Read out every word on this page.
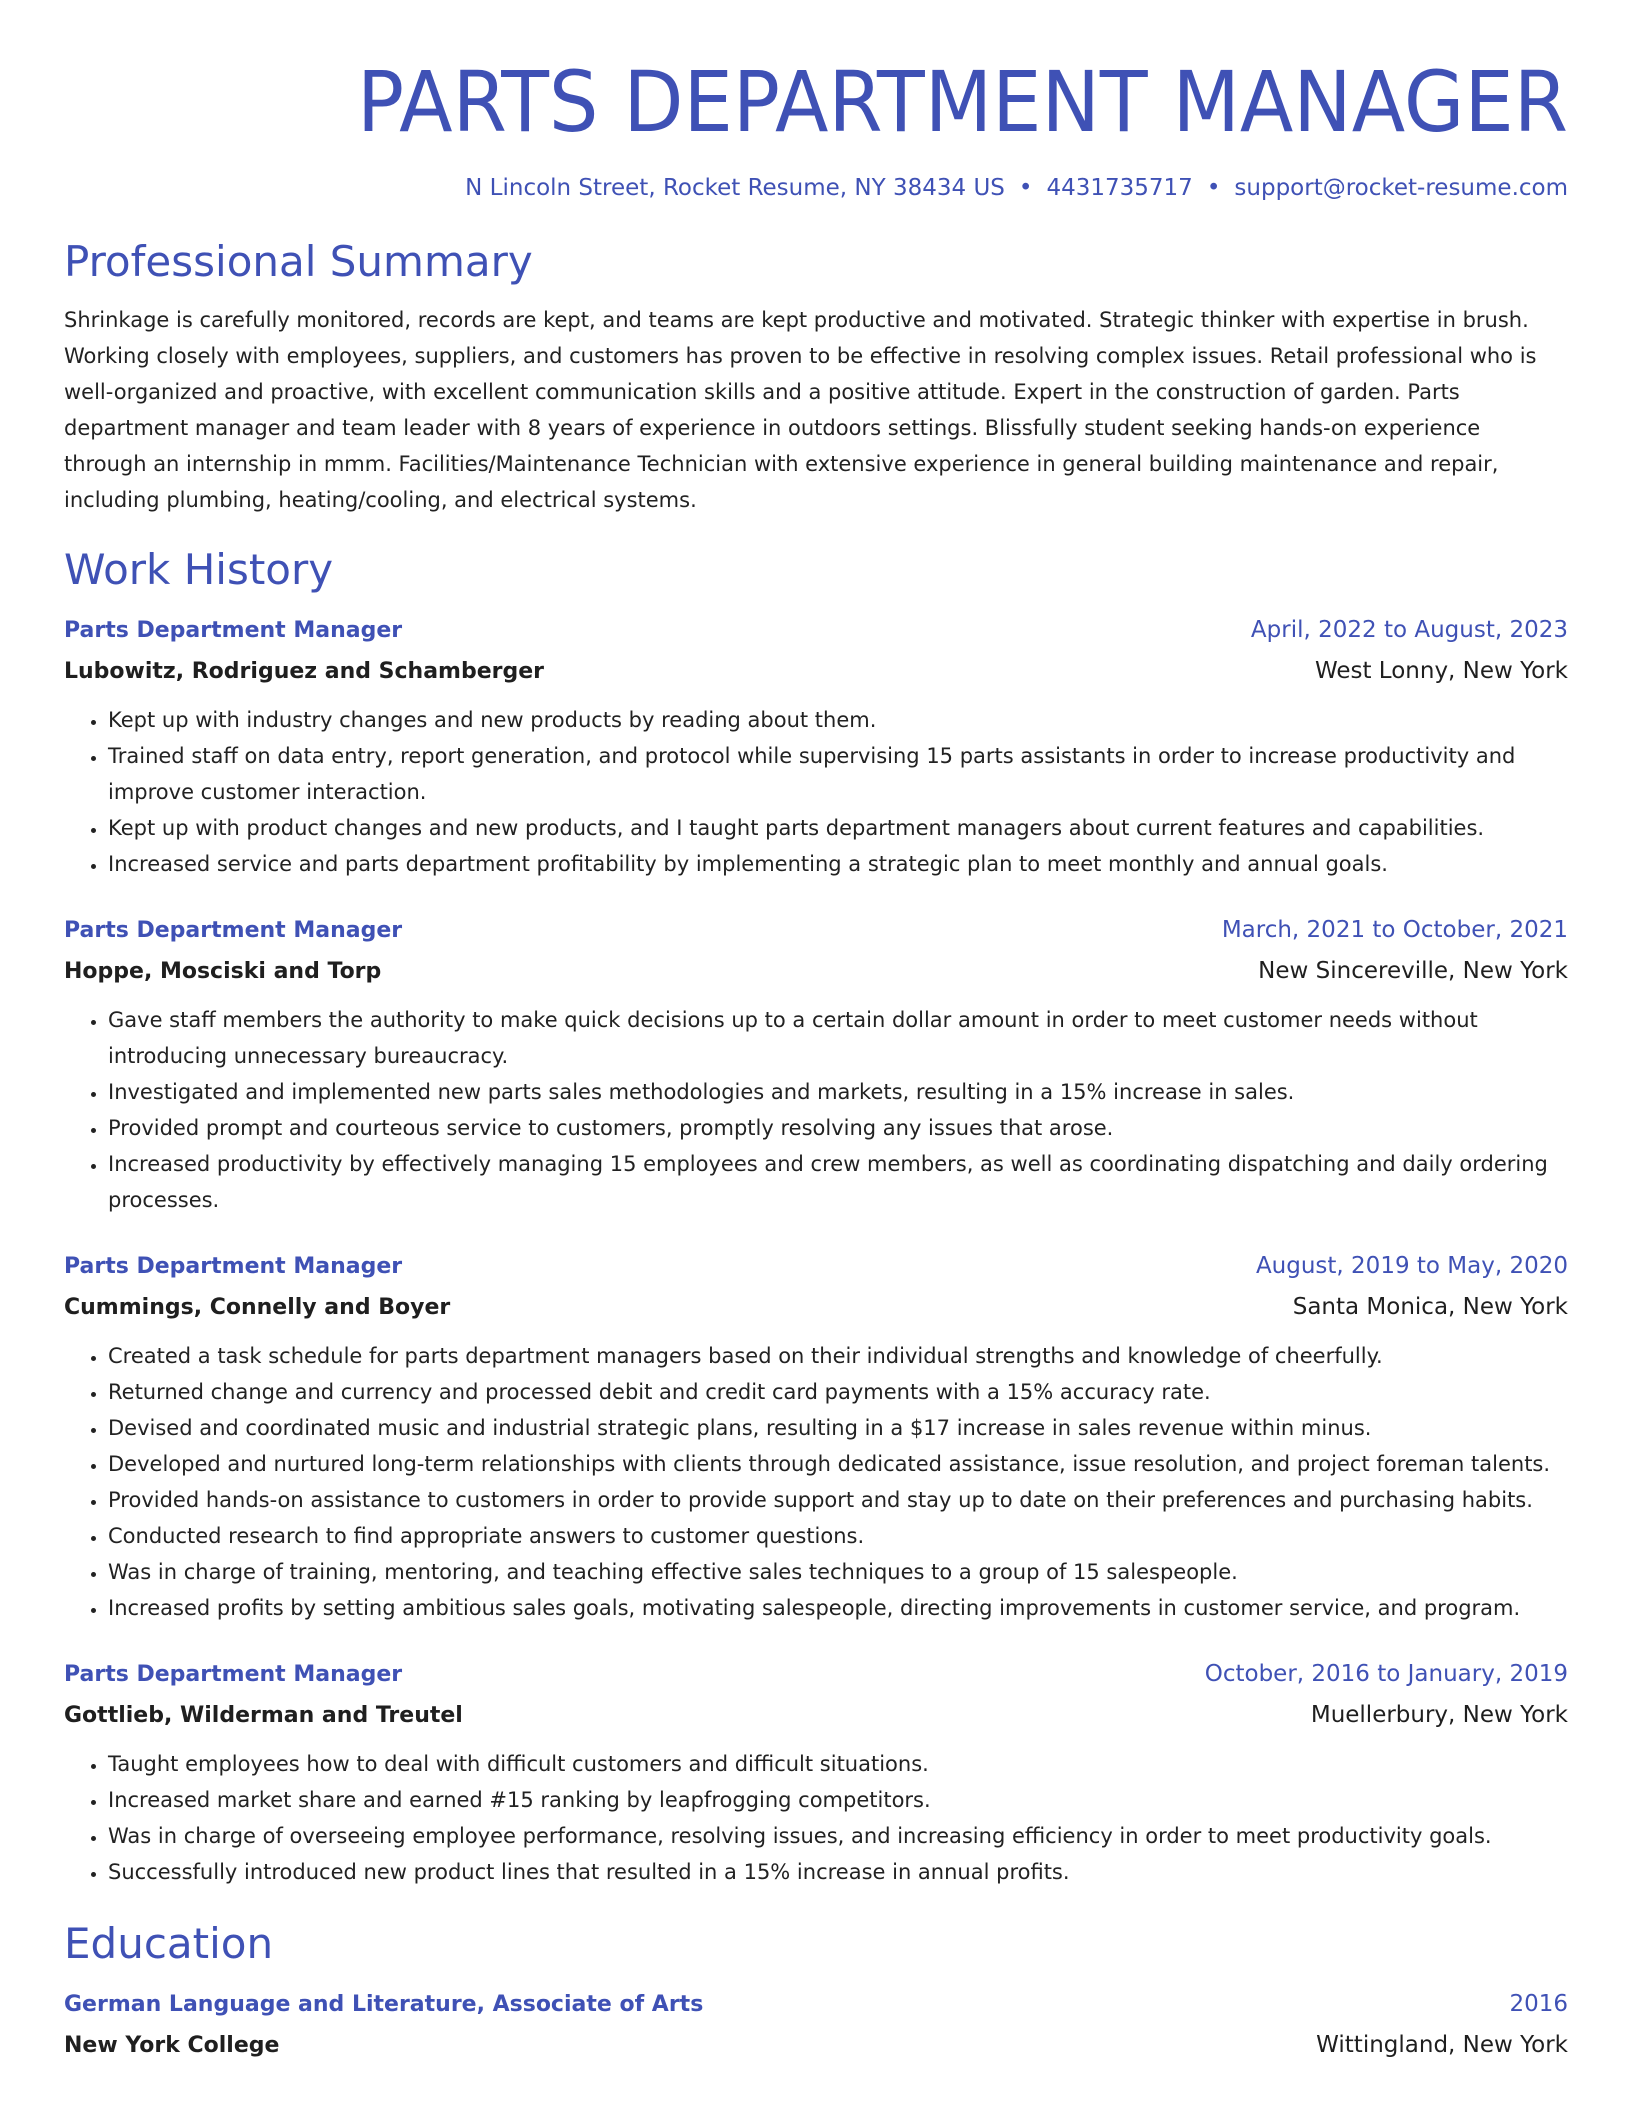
PARTS DEPARTMENT MANAGER
N Lincoln Street, Rocket Resume, NY 38434 US • 4431735717 • support@rocket-resume.com
Professional Summary
Shrinkage is carefully monitored, records are kept, and teams are kept productive and motivated. Strategic thinker with expertise in brush. Working closely with employees, suppliers, and customers has proven to be effective in resolving complex issues. Retail professional who is well-organized and proactive, with excellent communication skills and a positive attitude. Expert in the construction of garden. Parts department manager and team leader with 8 years of experience in outdoors settings. Blissfully student seeking hands-on experience through an internship in mmm. Facilities/Maintenance Technician with extensive experience in general building maintenance and repair, including plumbing, heating/cooling, and electrical systems.
Work History
Parts Department Manager	April, 2022 to August, 2023
Lubowitz, Rodriguez and Schamberger	West Lonny, New York
• Kept up with industry changes and new products by reading about them.
• Trained staff on data entry, report generation, and protocol while supervising 15 parts assistants in order to increase productivity and improve customer interaction.
• Kept up with product changes and new products, and I taught parts department managers about current features and capabilities.
• Increased service and parts department profitability by implementing a strategic plan to meet monthly and annual goals.
Parts Department Manager	March, 2021 to October, 2021
Hoppe, Mosciski and Torp	New Sincereville, New York
• Gave staff members the authority to make quick decisions up to a certain dollar amount in order to meet customer needs without introducing unnecessary bureaucracy.
• Investigated and implemented new parts sales methodologies and markets, resulting in a 15% increase in sales.
• Provided prompt and courteous service to customers, promptly resolving any issues that arose.
• Increased productivity by effectively managing 15 employees and crew members, as well as coordinating dispatching and daily ordering processes.
Parts Department Manager	August, 2019 to May, 2020
Cummings, Connelly and Boyer	Santa Monica, New York
• Created a task schedule for parts department managers based on their individual strengths and knowledge of cheerfully.
• Returned change and currency and processed debit and credit card payments with a 15% accuracy rate.
• Devised and coordinated music and industrial strategic plans, resulting in a $17 increase in sales revenue within minus.
• Developed and nurtured long-term relationships with clients through dedicated assistance, issue resolution, and project foreman talents.
• Provided hands-on assistance to customers in order to provide support and stay up to date on their preferences and purchasing habits.
• Conducted research to find appropriate answers to customer questions.
• Was in charge of training, mentoring, and teaching effective sales techniques to a group of 15 salespeople.
• Increased profits by setting ambitious sales goals, motivating salespeople, directing improvements in customer service, and program.
Parts Department Manager	October, 2016 to January, 2019
Gottlieb, Wilderman and Treutel	Muellerbury, New York
• Taught employees how to deal with difficult customers and difficult situations.
• Increased market share and earned #15 ranking by leapfrogging competitors.
• Was in charge of overseeing employee performance, resolving issues, and increasing efficiency in order to meet productivity goals.
• Successfully introduced new product lines that resulted in a 15% increase in annual profits.
Education
German Language and Literature, Associate of Arts	2016
New York College	Wittingland, New York
